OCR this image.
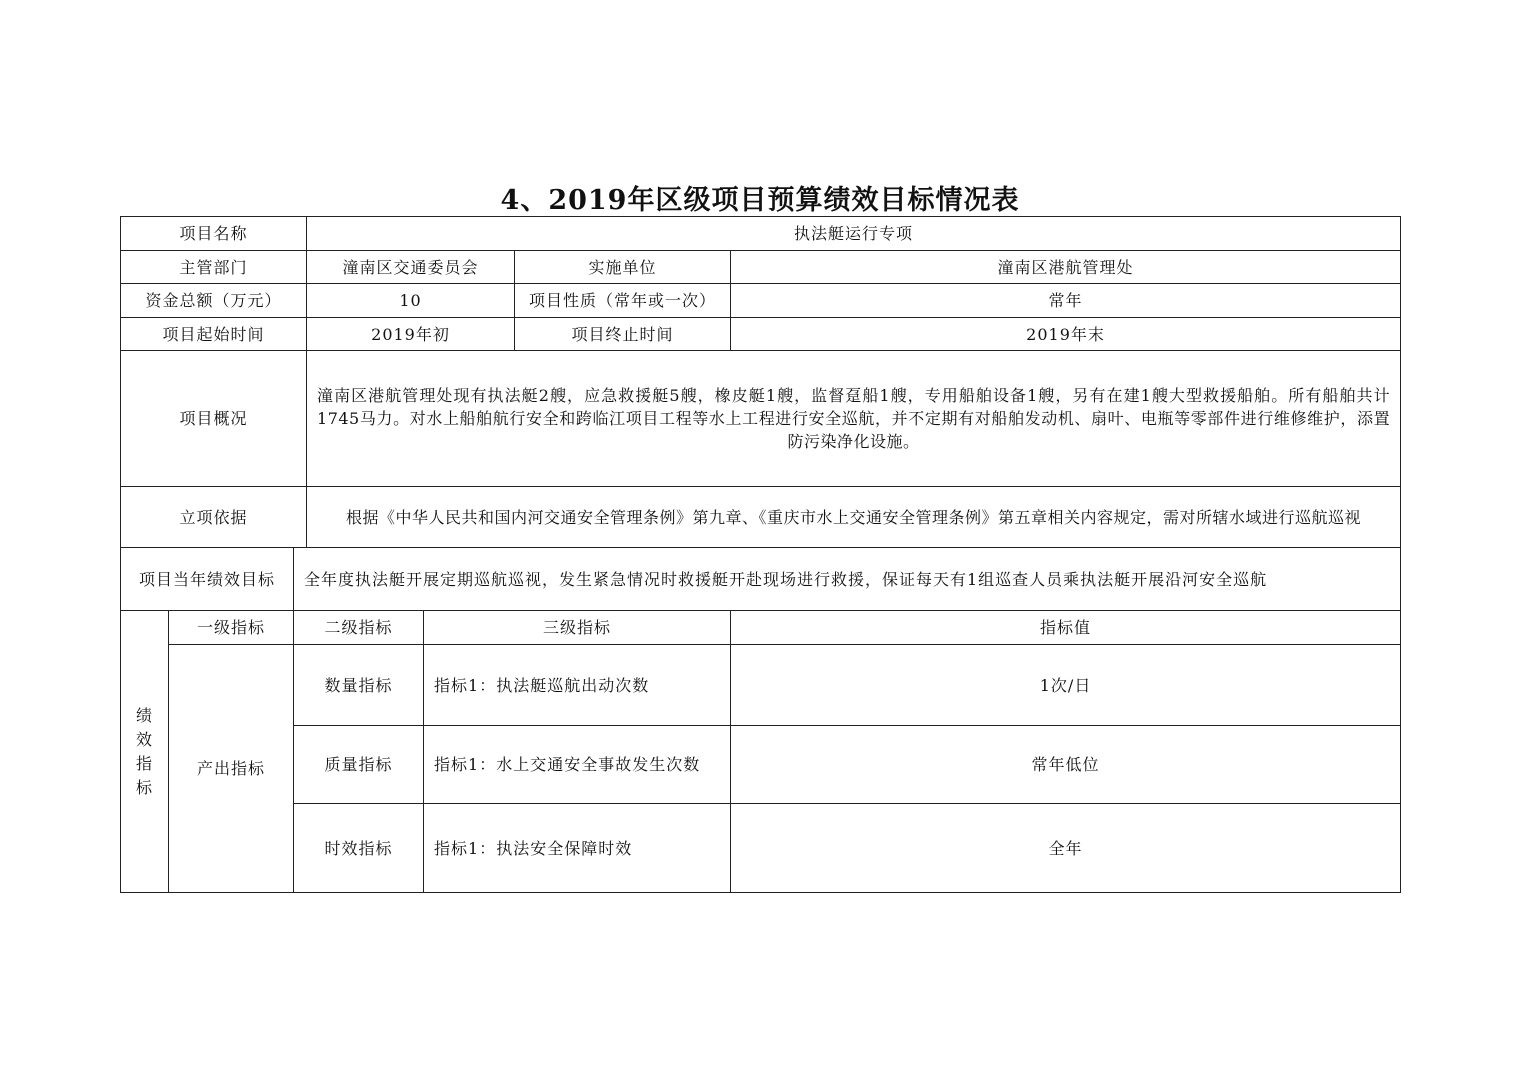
4、2019年区级项目预算绩效目标情况表
项目名称			执法艇运行专项			
主管部门			潼南区交通委员会		实施单位	潼南区港航管理处
资金总额（万元）			10		项目性质（常年或一次）	常年
项目起始时间			2019年初		项目终止时间	2019年末
项目概况			潼南区港航管理处现有执法艇2艘，应急救援艇5艘，橡皮艇1艘，监督趸船1艘，专用船舶设备1艘，另有在建1艘大型救援船舶。所有船舶共计1745马力。对水上船舶航行安全和跨临江项目工程等水上工程进行安全巡航，并不定期有对船舶发动机、扇叶、电瓶等零部件进行维修维护，添置防污染净化设施。			
立项依据			根据《中华人民共和国内河交通安全管理条例》第九章、《重庆市水上交通安全管理条例》第五章相关内容规定，需对所辖水域进行巡航巡视			
项目当年绩效目标		全年度执法艇开展定期巡航巡视，发生紧急情况时救援艇开赴现场进行救援，保证每天有1组巡查人员乘执法艇开展沿河安全巡航				

绩
效
指
标	一级指标	二级指标		三级指标		指标值
	产出指标	数量指标		指标1：执法艇巡航出动次数		1次/日
		质量指标		指标1：水上交通安全事故发生次数		常年低位
		时效指标		指标1：执法安全保障时效		全年
